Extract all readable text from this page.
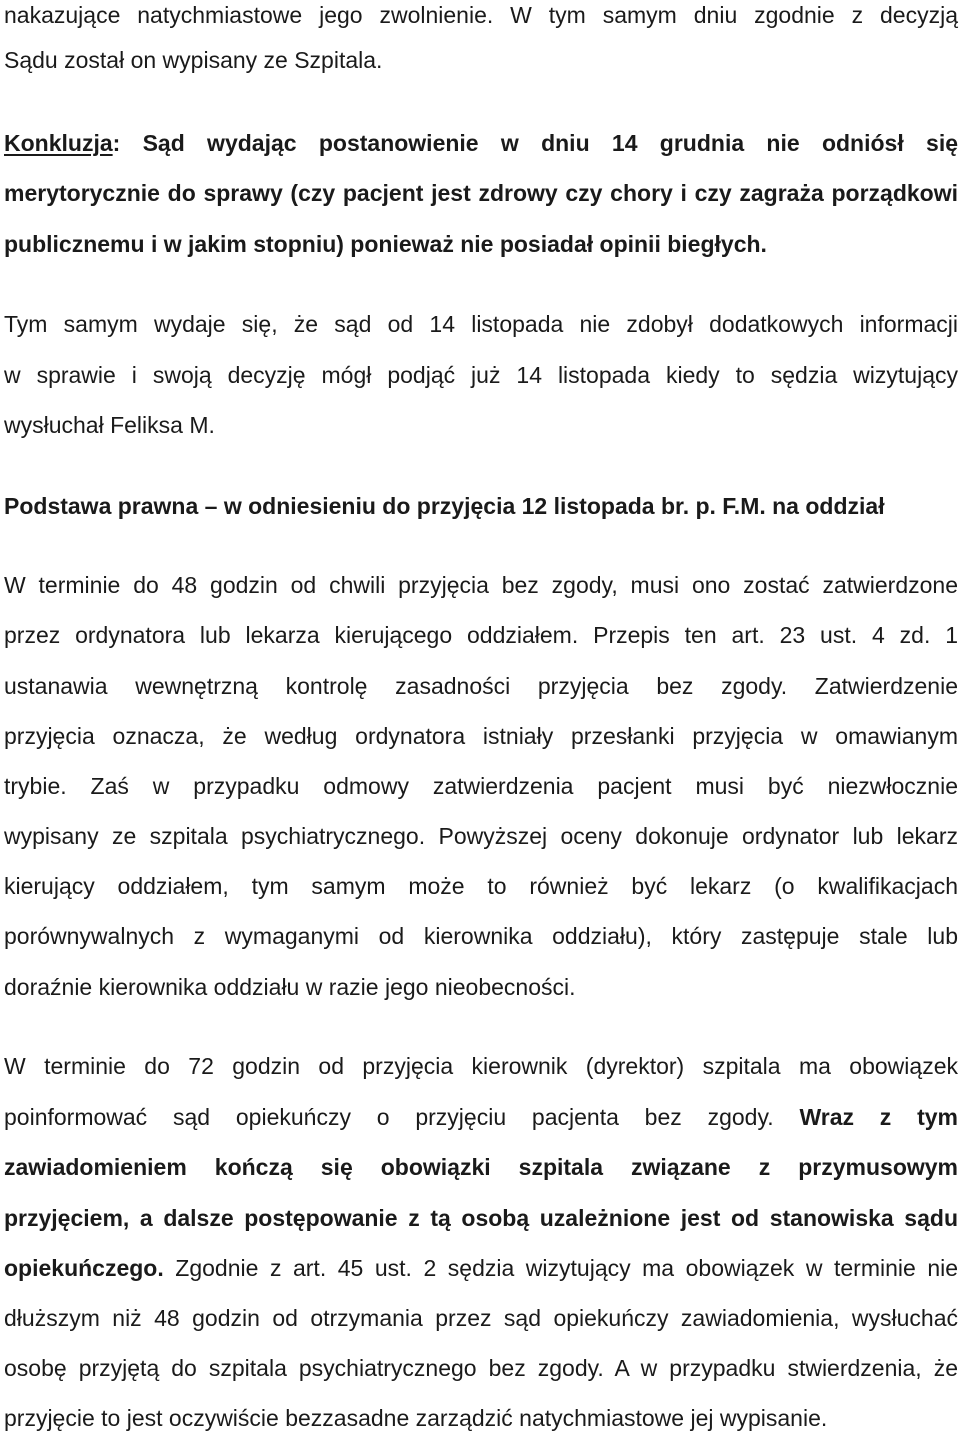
nakazujące natychmiastowe jego zwolnienie. W tym samym dniu zgodnie z decyzją
Sądu został on wypisany ze Szpitala.
Konkluzja: Sąd wydając postanowienie w dniu 14 grudnia nie odniósł się
merytorycznie do sprawy (czy pacjent jest zdrowy czy chory i czy zagraża porządkowi
publicznemu i w jakim stopniu) ponieważ nie posiadał opinii biegłych.
Tym samym wydaje się, że sąd od 14 listopada nie zdobył dodatkowych informacji
w sprawie i swoją decyzję mógł podjąć już 14 listopada kiedy to sędzia wizytujący
wysłuchał Feliksa M.
Podstawa prawna – w odniesieniu do przyjęcia 12 listopada br. p. F.M. na oddział
W terminie do 48 godzin od chwili przyjęcia bez zgody, musi ono zostać zatwierdzone
przez ordynatora lub lekarza kierującego oddziałem. Przepis ten art. 23 ust. 4 zd. 1
ustanawia wewnętrzną kontrolę zasadności przyjęcia bez zgody. Zatwierdzenie
przyjęcia oznacza, że według ordynatora istniały przesłanki przyjęcia w omawianym
trybie. Zaś w przypadku odmowy zatwierdzenia pacjent musi być niezwłocznie
wypisany ze szpitala psychiatrycznego. Powyższej oceny dokonuje ordynator lub lekarz
kierujący oddziałem, tym samym może to również być lekarz (o kwalifikacjach
porównywalnych z wymaganymi od kierownika oddziału), który zastępuje stale lub
doraźnie kierownika oddziału w razie jego nieobecności.
W terminie do 72 godzin od przyjęcia kierownik (dyrektor) szpitala ma obowiązek
poinformować sąd opiekuńczy o przyjęciu pacjenta bez zgody. Wraz z tym
zawiadomieniem kończą się obowiązki szpitala związane z przymusowym
przyjęciem, a dalsze postępowanie z tą osobą uzależnione jest od stanowiska sądu
opiekuńczego. Zgodnie z art. 45 ust. 2 sędzia wizytujący ma obowiązek w terminie nie
dłuższym niż 48 godzin od otrzymania przez sąd opiekuńczy zawiadomienia, wysłuchać
osobę przyjętą do szpitala psychiatrycznego bez zgody. A w przypadku stwierdzenia, że
przyjęcie to jest oczywiście bezzasadne zarządzić natychmiastowe jej wypisanie.
